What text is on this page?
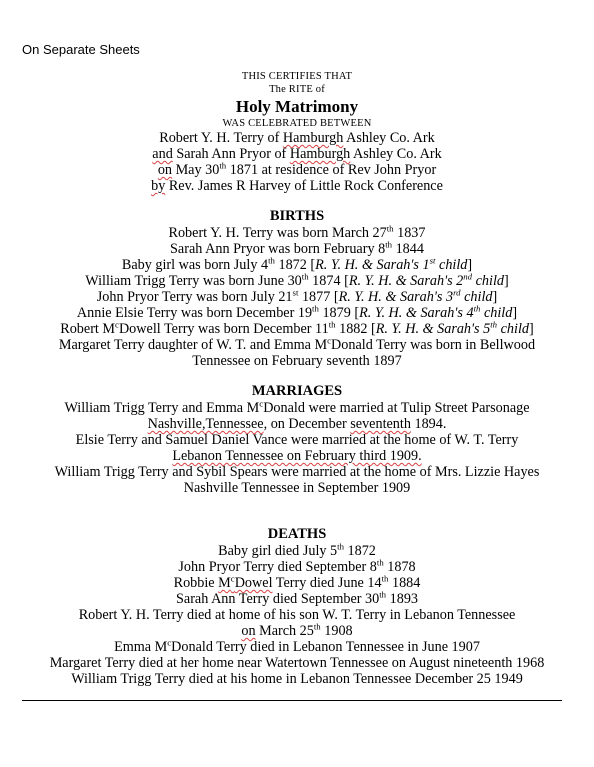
On Separate Sheets
THIS CERTIFIES THAT
The RITE of
Holy Matrimony
WAS CELEBRATED BETWEEN
Robert Y. H. Terry of Hamburgh Ashley Co. Ark
and Sarah Ann Pryor of Hamburgh Ashley Co. Ark
on May 30th 1871 at residence of Rev John Pryor
by Rev. James R Harvey of Little Rock Conference
BIRTHS
Robert Y. H. Terry was born March 27th 1837
Sarah Ann Pryor was born February 8th 1844
Baby girl was born July 4th 1872 [R. Y. H. & Sarah's 1st child]
William Trigg Terry was born June 30th 1874 [R. Y. H. & Sarah's 2nd child]
John Pryor Terry was born July 21st 1877 [R. Y. H. & Sarah's 3rd child]
Annie Elsie Terry was born December 19th 1879 [R. Y. H. & Sarah's 4th child]
Robert $M^cDowell$ Terry was born December 11th 1882 [R. Y. H. & Sarah's 5th child]
Margaret Terry daughter of W. T. and Emma $M^cDonald$ Terry was born in Bellwood
Tennessee on February seventh 1897
MARRIAGES
William Trigg Terry and Emma $M^cDonald$ were married at Tulip Street Parsonage
Nashville,Tennessee, on December sevententh 1894.
Elsie Terry and Samuel Daniel Vance were married at the home of W. T. Terry
Lebanon Tennessee on February third 1909.
William Trigg Terry and Sybil Spears were married at the home of Mrs. Lizzie Hayes
Nashville Tennessee in September 1909
DEATHS
Baby girl died July 5th 1872
John Pryor Terry died September 8th 1878
Robbie $M^cDowel$ Terry died June 14th 1884
Sarah Ann Terry died September 30th 1893
Robert Y. H. Terry died at home of his son W. T. Terry in Lebanon Tennessee
on March 25th 1908
Emma $M^cDonald$ Terry died in Lebanon Tennessee in June 1907
Margaret Terry died at her home near Watertown Tennessee on August nineteenth 1968
William Trigg Terry died at his home in Lebanon Tennessee December 25 1949
